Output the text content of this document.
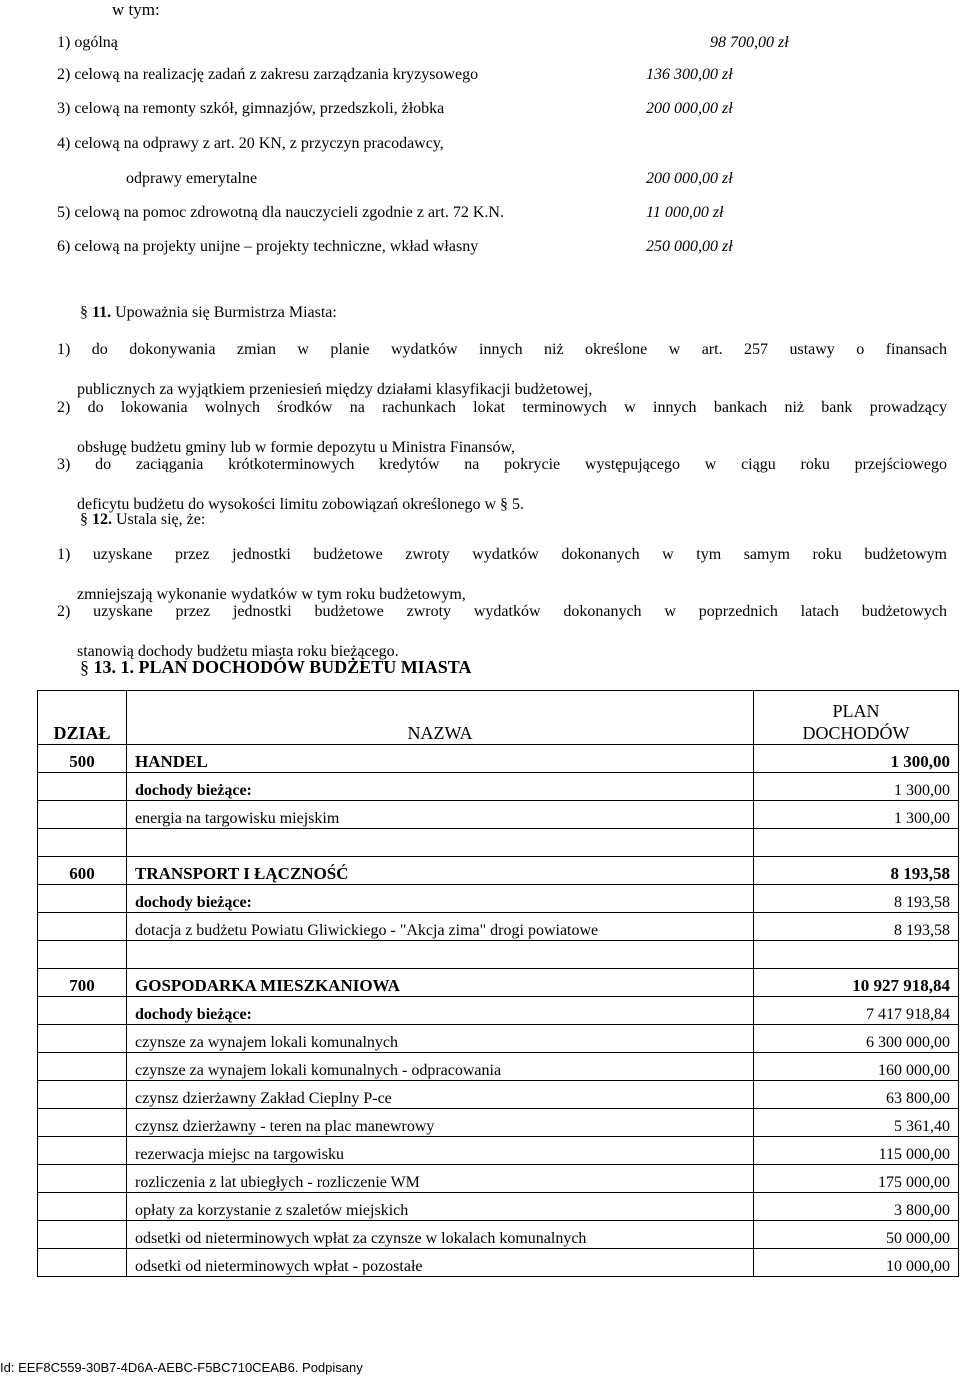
w tym:
1) ogólną	98 700,00 zł
2) celową na realizację zadań z zakresu zarządzania kryzysowego	136 300,00 zł
3) celową na remonty szkół, gimnazjów, przedszkoli, żłobka	200 000,00 zł
4) celową na odprawy z art. 20 KN, z przyczyn pracodawcy,
odprawy emerytalne	200 000,00 zł
5) celową na pomoc zdrowotną dla nauczycieli zgodnie z art. 72 K.N.	11 000,00 zł
6) celową na projekty unijne – projekty techniczne, wkład własny	250 000,00 zł
§ 11. Upoważnia się Burmistrza Miasta:
1) do dokonywania zmian w planie wydatków innych niż określone w art. 257 ustawy o finansach
publicznych za wyjątkiem przeniesień między działami klasyfikacji budżetowej,
2) do lokowania wolnych środków na rachunkach lokat terminowych w innych bankach niż bank prowadzący
obsługę budżetu gminy lub w formie depozytu u Ministra Finansów,
3) do zaciągania krótkoterminowych kredytów na pokrycie występującego w ciągu roku przejściowego
deficytu budżetu do wysokości limitu zobowiązań określonego w § 5.
§ 12. Ustala się, że:
1) uzyskane przez jednostki budżetowe zwroty wydatków dokonanych w tym samym roku budżetowym
zmniejszają wykonanie wydatków w tym roku budżetowym,
2) uzyskane przez jednostki budżetowe zwroty wydatków dokonanych w poprzednich latach budżetowych
stanowią dochody budżetu miasta roku bieżącego.
§ 13. 1. PLAN DOCHODÓW BUDŻETU MIASTA
DZIAŁ	NAZWA	PLAN
DOCHODÓW
500	HANDEL	1 300,00
	dochody bieżące:	1 300,00
	energia na targowisku miejskim	1 300,00

600	TRANSPORT I ŁĄCZNOŚĆ	8 193,58
	dochody bieżące:	8 193,58
	dotacja z budżetu Powiatu Gliwickiego - "Akcja zima" drogi powiatowe	8 193,58

700	GOSPODARKA MIESZKANIOWA	10 927 918,84
	dochody bieżące:	7 417 918,84
	czynsze za wynajem lokali komunalnych	6 300 000,00
	czynsze za wynajem lokali komunalnych - odpracowania	160 000,00
	czynsz dzierżawny Zakład Cieplny P-ce	63 800,00
	czynsz dzierżawny - teren na plac manewrowy	5 361,40
	rezerwacja miejsc na targowisku	115 000,00
	rozliczenia z lat ubiegłych - rozliczenie WM	175 000,00
	opłaty za korzystanie z szaletów miejskich	3 800,00
	odsetki od nieterminowych wpłat za czynsze w lokalach komunalnych	50 000,00
	odsetki od nieterminowych wpłat - pozostałe	10 000,00
Id: EEF8C559-30B7-4D6A-AEBC-F5BC710CEAB6. Podpisany
